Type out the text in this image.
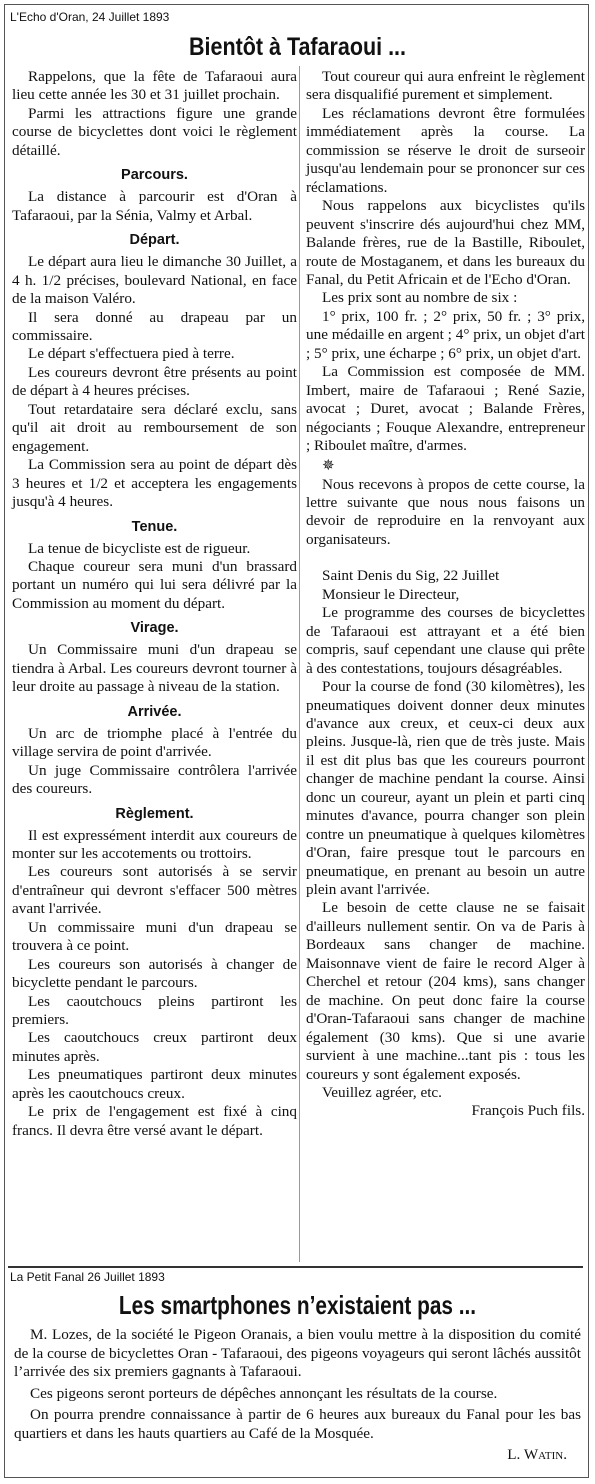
L'Echo d'Oran, 24 Juillet 1893
Bientôt à Tafaraoui ...

Rappelons, que la fête de Tafaraoui aura lieu cette année les 30 et 31 juillet prochain.

Parmi les attractions figure une grande course de bicyclettes dont voici le règlement détaillé.

Parcours.

La distance à parcourir est d'Oran à Tafaraoui, par la Sénia, Valmy et Arbal.

Départ.

Le départ aura lieu le dimanche 30 Juillet, a 4 h. 1/2 précises, boulevard National, en face de la maison Valéro.

Il sera donné au drapeau par un commissaire.

Le départ s'effectuera pied à terre.

Les coureurs devront être présents au point de départ à 4 heures précises.

Tout retardataire sera déclaré exclu, sans qu'il ait droit au remboursement de son engagement.

La Commission sera au point de départ dès 3 heures et 1/2 et acceptera les engagements jusqu'à 4 heures.

Tenue.

La tenue de bicycliste est de rigueur.

Chaque coureur sera muni d'un brassard portant un numéro qui lui sera délivré par la Commission au moment du départ.

Virage.

Un Commissaire muni d'un drapeau se tiendra à Arbal. Les coureurs devront tourner à leur droite au passage à niveau de la station.

Arrivée.

Un arc de triomphe placé à l'entrée du village servira de point d'arrivée.

Un juge Commissaire contrôlera l'arrivée des coureurs.

Règlement.

Il est expressément interdit aux coureurs de monter sur les accotements ou trottoirs.

Les coureurs sont autorisés à se servir d'entraîneur qui devront s'effacer 500 mètres avant l'arrivée.

Un commissaire muni d'un drapeau se trouvera à ce point.

Les coureurs son autorisés à changer de bicyclette pendant le parcours.

Les caoutchoucs pleins partiront les premiers.

Les caoutchoucs creux partiront deux minutes après.

Les pneumatiques partiront deux minutes après les caoutchoucs creux.

Le prix de l'engagement est fixé à cinq francs. Il devra être versé avant le départ.

Tout coureur qui aura enfreint le règlement sera disqualifié purement et simplement.

Les réclamations devront être formulées immédiatement après la course. La commission se réserve le droit de surseoir jusqu'au lendemain pour se prononcer sur ces réclamations.

Nous rappelons aux bicyclistes qu'ils peuvent s'inscrire dés aujourd'hui chez MM, Balande frères, rue de la Bastille, Riboulet, route de Mostaganem, et dans les bureaux du Fanal, du Petit Africain et de l'Echo d'Oran.

Les prix sont au nombre de six :

1° prix, 100 fr. ; 2° prix, 50 fr. ; 3° prix, une médaille en argent ; 4° prix, un objet d'art ; 5° prix, une écharpe ; 6° prix, un objet d'art.

La Commission est composée de MM. Imbert, maire de Tafaraoui ; René Sazie, avocat ; Duret, avocat ; Balande Frères, négociants ; Fouque Alexandre, entrepreneur ; Riboulet maître, d'armes.

✵

Nous recevons à propos de cette course, la lettre suivante que nous nous faisons un devoir de reproduire en la renvoyant aux organisateurs.

Saint Denis du Sig, 22 Juillet

Monsieur le Directeur,

Le programme des courses de bicyclettes de Tafaraoui est attrayant et a été bien compris, sauf cependant une clause qui prête à des contestations, toujours désagréables.

Pour la course de fond (30 kilomètres), les pneumatiques doivent donner deux minutes d'avance aux creux, et ceux-ci deux aux pleins. Jusque-là, rien que de très juste. Mais il est dit plus bas que les coureurs pourront changer de machine pendant la course. Ainsi donc un coureur, ayant un plein et parti cinq minutes d'avance, pourra changer son plein contre un pneumatique à quelques kilomètres d'Oran, faire presque tout le parcours en pneumatique, en prenant au besoin un autre plein avant l'arrivée.

Le besoin de cette clause ne se faisait d'ailleurs nullement sentir. On va de Paris à Bordeaux sans changer de machine. Maisonnave vient de faire le record Alger à Cherchel et retour (204 kms), sans changer de machine. On peut donc faire la course d'Oran-Tafaraoui sans changer de machine également (30 kms). Que si une avarie survient à une machine...tant pis : tous les coureurs y sont également exposés.

Veuillez agréer, etc.

François Puch fils.

La Petit Fanal 26 Juillet 1893
Les smartphones n’existaient pas ...

M. Lozes, de la société le Pigeon Oranais, a bien voulu mettre à la disposition du comité de la course de bicyclettes Oran - Tafaraoui, des pigeons voyageurs qui seront lâchés aussitôt l’arrivée des six premiers gagnants à Tafaraoui.

Ces pigeons seront porteurs de dépêches annonçant les résultats de la course.

On pourra prendre connaissance à partir de 6 heures aux bureaux du Fanal pour les bas quartiers et dans les hauts quartiers au Café de la Mosquée.

L. Watin.
